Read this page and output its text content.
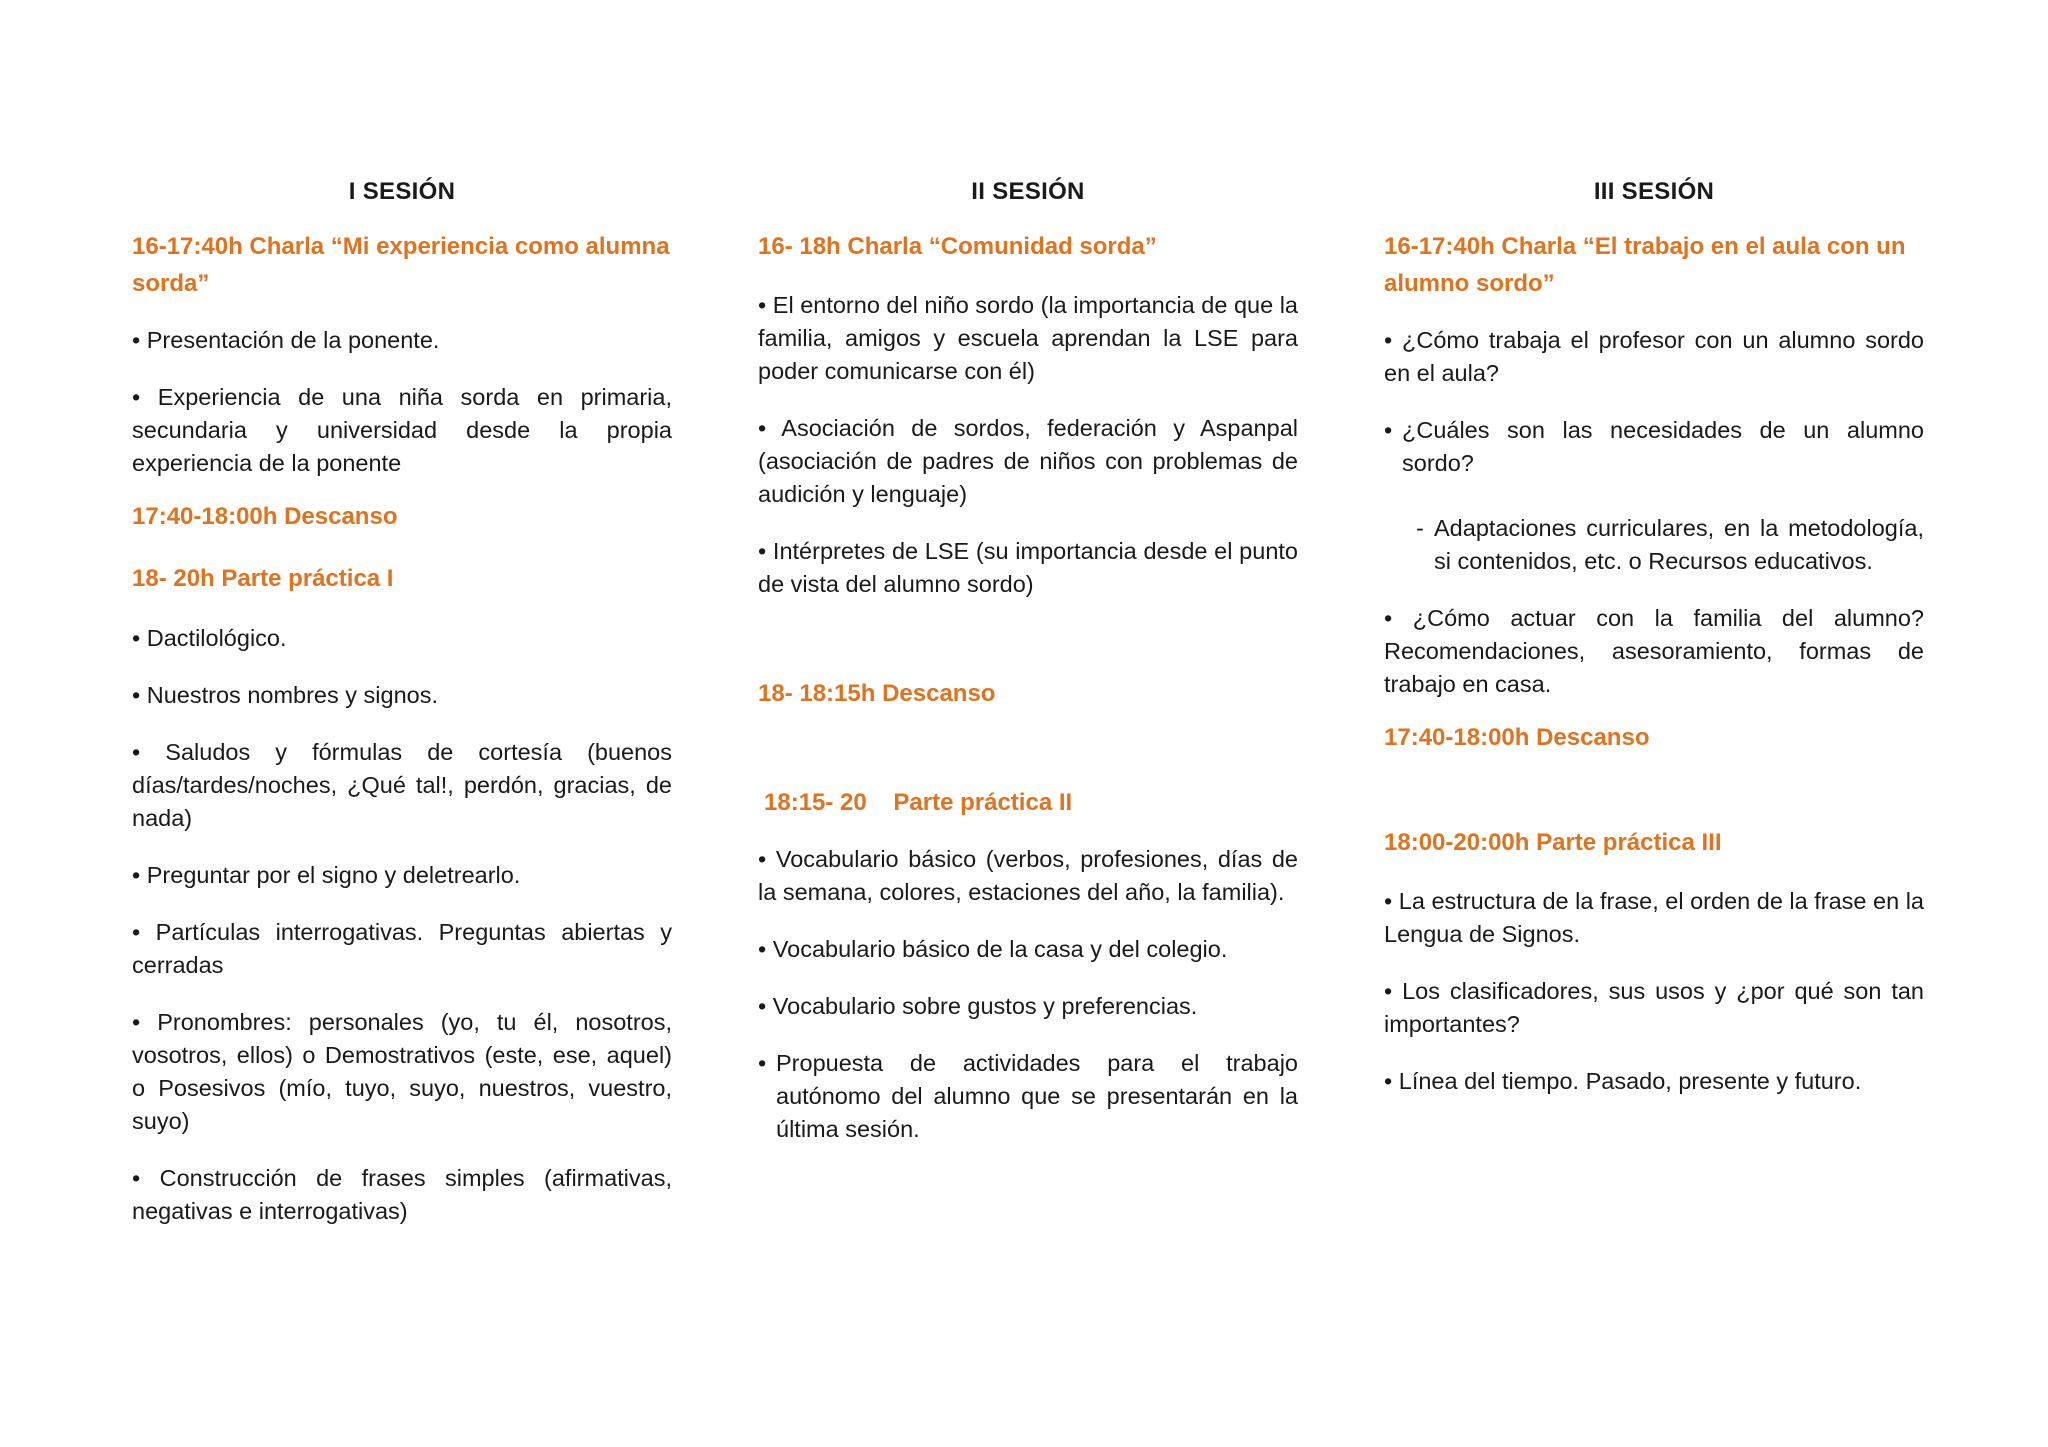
I SESIÓN
16-17:40h Charla “Mi experiencia como alumna sorda”
• Presentación de la ponente.
• Experiencia de una niña sorda en primaria, secundaria y universidad desde la propia experiencia de la ponente
17:40-18:00h Descanso
18- 20h Parte práctica I
• Dactilológico.
• Nuestros nombres y signos.
• Saludos y fórmulas de cortesía (buenos días/tardes/noches, ¿Qué tal!, perdón, gracias, de nada)
• Preguntar por el signo y deletrearlo.
• Partículas interrogativas. Preguntas abiertas y cerradas
• Pronombres: personales (yo, tu él, nosotros, vosotros, ellos) o Demostrativos (este, ese, aquel) o Posesivos (mío, tuyo, suyo, nuestros, vuestro, suyo)
• Construcción de frases simples (afirmativas, negativas e interrogativas)
II SESIÓN
16- 18h Charla “Comunidad sorda”
• El entorno del niño sordo (la importancia de que la familia, amigos y escuela aprendan la LSE para poder comunicarse con él)
• Asociación de sordos, federación y Aspanpal (asociación de padres de niños con problemas de audición y lenguaje)
• Intérpretes de LSE (su importancia desde el punto de vista del alumno sordo)
18- 18:15h Descanso
18:15- 20    Parte práctica II
• Vocabulario básico (verbos, profesiones, días de la semana, colores, estaciones del año, la familia).
• Vocabulario básico de la casa y del colegio.
• Vocabulario sobre gustos y preferencias.
• Propuesta de actividades para el trabajo autónomo del alumno que se presentarán en la última sesión.
III SESIÓN
16-17:40h Charla “El trabajo en el aula con un alumno sordo”
• ¿Cómo trabaja el profesor con un alumno sordo en el aula?
• ¿Cuáles son las necesidades de un alumno sordo?
- Adaptaciones curriculares, en la metodología, si contenidos, etc. o Recursos educativos.
• ¿Cómo actuar con la familia del alumno? Recomendaciones, asesoramiento, formas de trabajo en casa.
17:40-18:00h Descanso
18:00-20:00h Parte práctica III
• La estructura de la frase, el orden de la frase en la Lengua de Signos.
• Los clasificadores, sus usos y ¿por qué son tan importantes?
• Línea del tiempo. Pasado, presente y futuro.
